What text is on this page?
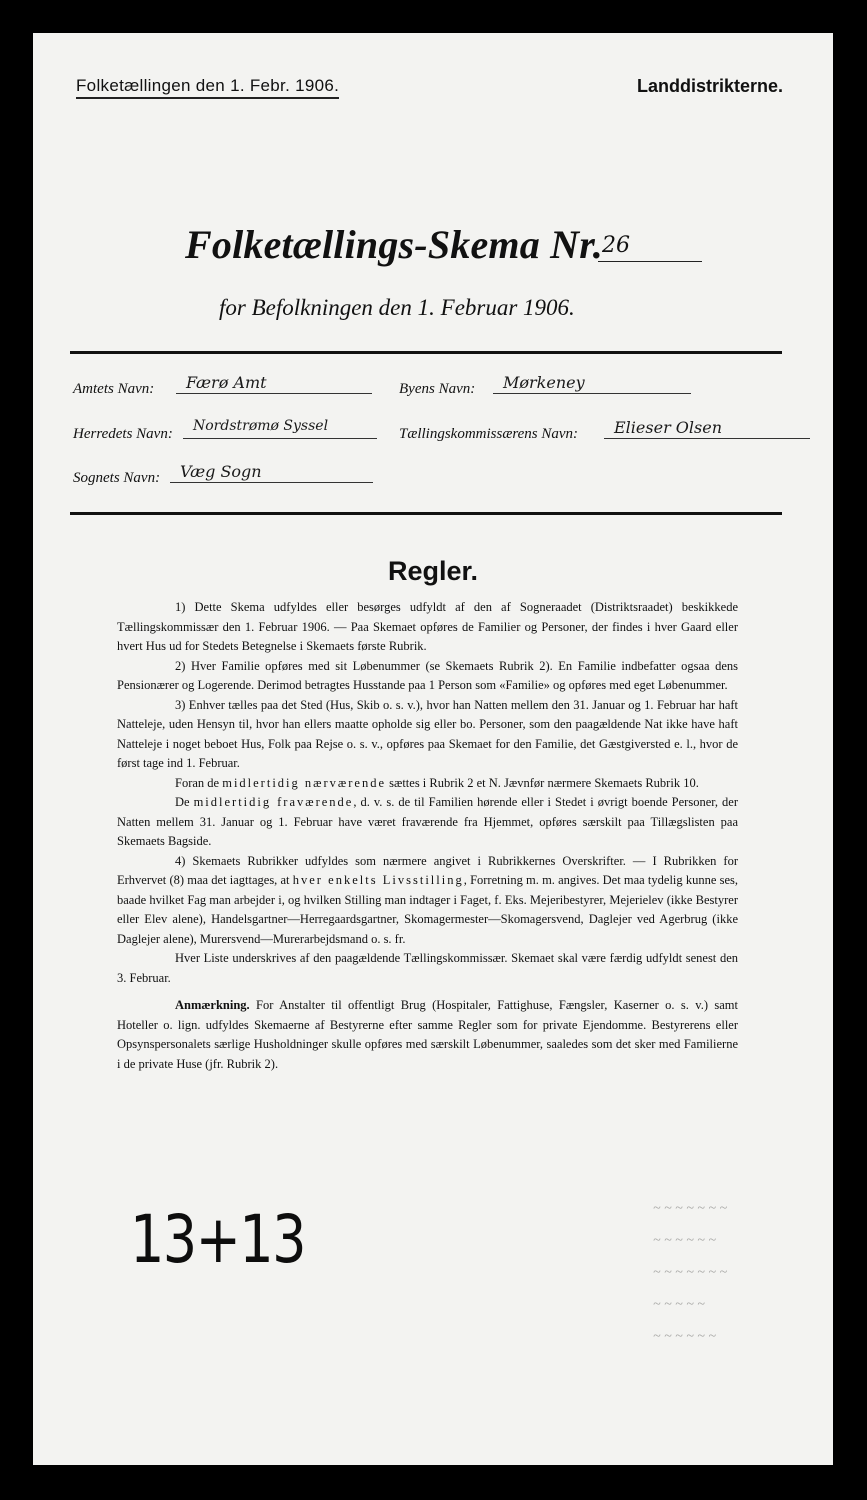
Folketællingen den 1. Febr. 1906.	Landdistrikterne.
Folketællings-Skema Nr. 26
for Befolkningen den 1. Februar 1906.
Amtets Navn:	Færø Amt	Byens Navn:	Mørkeney
Herredets Navn:	Nordstrømø Syssel	Tællingskommissærens Navn:	Elieser Olsen
Sognets Navn:	Væg Sogn
Regler.

1) Dette Skema udfyldes eller besørges udfyldt af den af Sogneraadet (Distriktsraadet) beskikkede Tællingskommissær den 1. Februar 1906. — Paa Skemaet opføres de Familier og Personer, der findes i hver Gaard eller hvert Hus ud for Stedets Betegnelse i Skemaets første Rubrik.

2) Hver Familie opføres med sit Løbenummer (se Skemaets Rubrik 2). En Familie indbefatter ogsaa dens Pensionærer og Logerende. Derimod betragtes Husstande paa 1 Person som «Familie» og opføres med eget Løbenummer.

3) Enhver tælles paa det Sted (Hus, Skib o. s. v.), hvor han Natten mellem den 31. Januar og 1. Februar har haft Natteleje, uden Hensyn til, hvor han ellers maatte opholde sig eller bo. Personer, som den paagældende Nat ikke have haft Natteleje i noget beboet Hus, Folk paa Rejse o. s. v., opføres paa Skemaet for den Familie, det Gæstgiversted e. l., hvor de først tage ind 1. Februar.

Foran de midlertidig nærværende sættes i Rubrik 2 et N. Jævnfør nærmere Skemaets Rubrik 10.

De midlertidig fraværende, d. v. s. de til Familien hørende eller i Stedet i øvrigt boende Personer, der Natten mellem 31. Januar og 1. Februar have været fraværende fra Hjemmet, opføres særskilt paa Tillægslisten paa Skemaets Bagside.

4) Skemaets Rubrikker udfyldes som nærmere angivet i Rubrikkernes Overskrifter. — I Rubrikken for Erhvervet (8) maa det iagttages, at hver enkelts Livsstilling, Forretning m. m. angives. Det maa tydelig kunne ses, baade hvilket Fag man arbejder i, og hvilken Stilling man indtager i Faget, f. Eks. Mejeribestyrer, Mejerielev (ikke Bestyrer eller Elev alene), Handelsgartner—Herregaardsgartner, Skomagermester—Skomagersvend, Daglejer ved Agerbrug (ikke Daglejer alene), Murersvend—Murerarbejdsmand o. s. fr.

Hver Liste underskrives af den paagældende Tællingskommissær. Skemaet skal være færdig udfyldt senest den 3. Februar.

Anmærkning. For Anstalter til offentligt Brug (Hospitaler, Fattighuse, Fængsler, Kaserner o. s. v.) samt Hoteller o. lign. udfyldes Skemaerne af Bestyrerne efter samme Regler som for private Ejendomme. Bestyrerens eller Opsynspersonalets særlige Husholdninger skulle opføres med særskilt Løbenummer, saaledes som det sker med Familierne i de private Huse (jfr. Rubrik 2).

~ ~ ~ ~ ~ ~ ~
~ ~ ~ ~ ~ ~
~ ~ ~ ~ ~ ~ ~
~ ~ ~ ~ ~
~ ~ ~ ~ ~ ~
13+13
